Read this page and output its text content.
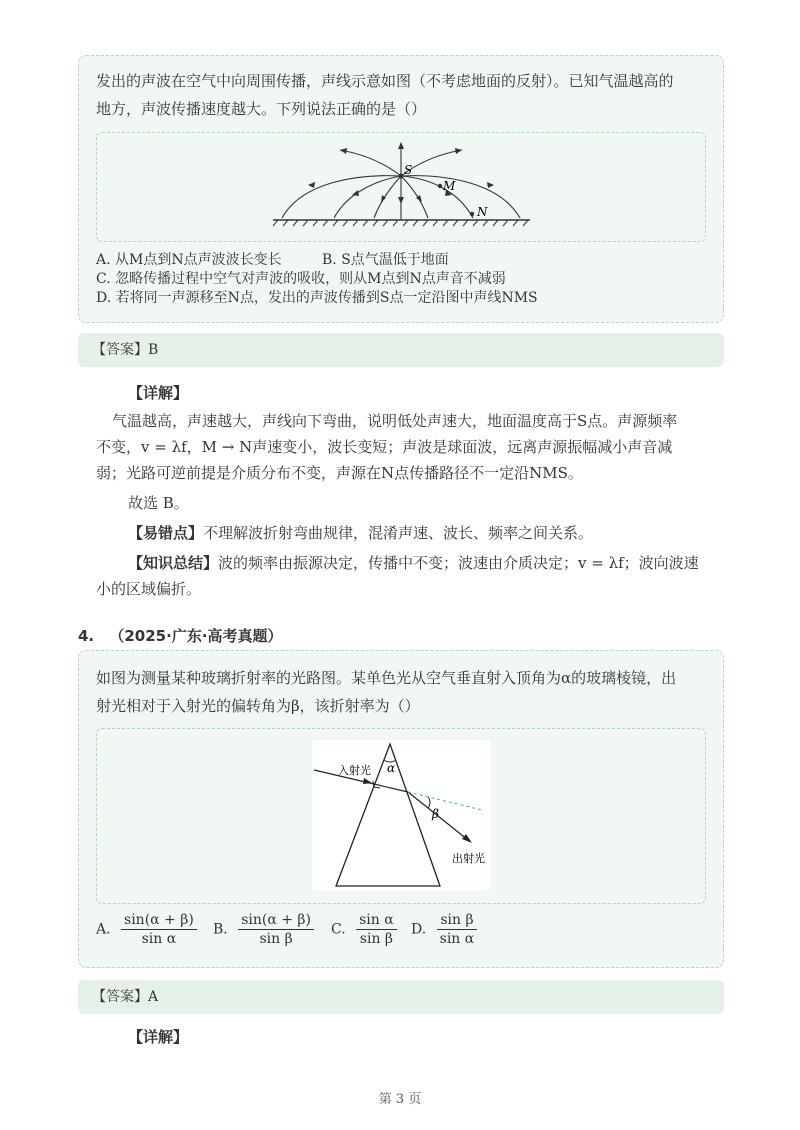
发出的声波在空气中向周围传播，声线示意如图（不考虑地面的反射）。已知气温越高的
地方，声波传播速度越大。下列说法正确的是（）
S
M
N
A. 从M点到N点声波波长变长	B. S点气温低于地面
C. 忽略传播过程中空气对声波的吸收，则从M点到N点声音不减弱
D. 若将同一声源移至N点，发出的声波传播到S点一定沿图中声线NMS
【答案】B
【详解】
气温越高，声速越大，声线向下弯曲，说明低处声速大，地面温度高于S点。声源频率
不变，v = λf，M → N声速变小，波长变短；声波是球面波，远离声源振幅减小声音减
弱；光路可逆前提是介质分布不变，声源在N点传播路径不一定沿NMS。
故选 B。
【易错点】不理解波折射弯曲规律，混淆声速、波长、频率之间关系。
【知识总结】波的频率由振源决定，传播中不变；波速由介质决定；v = λf；波向波速
小的区域偏折。
4. （2025·广东·高考真题）
如图为测量某种玻璃折射率的光路图。某单色光从空气垂直射入顶角为α的玻璃棱镜，出
射光相对于入射光的偏转角为β，该折射率为（）
α
β
入射光
出射光
A. $\frac{\sin(\alpha + \beta)}{\text{sin α}} B$. $\frac{\sin(\alpha + \beta)}{\text{sin β}} C$. $\frac{\text{sin α}}{\text{sin β}} D$. $\frac{\text{sin β}}{\text{sin α}}$
【答案】A
【详解】
第 3 页
